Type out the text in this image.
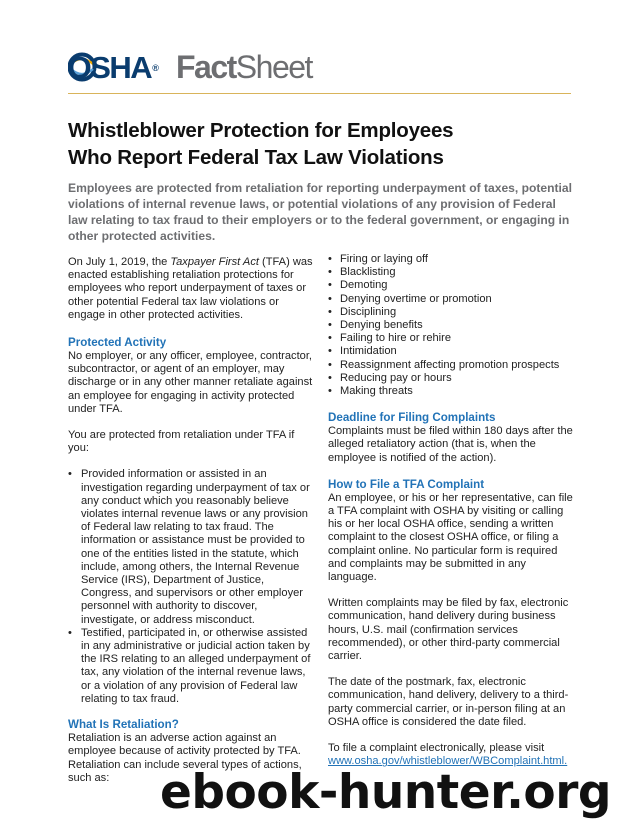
OSHA® FactSheet
Whistleblower Protection for Employees
Who Report Federal Tax Law Violations

Employees are protected from retaliation for reporting underpayment of taxes, potential violations of internal revenue laws, or potential violations of any provision of Federal law relating to tax fraud to their employers or to the federal government, or engaging in other protected activities.

On July 1, 2019, the Taxpayer First Act (TFA) was enacted establishing retaliation protections for employees who report underpayment of taxes or other potential Federal tax law violations or engage in other protected activities.

Protected Activity

No employer, or any officer, employee, contractor, subcontractor, or agent of an employer, may discharge or in any other manner retaliate against an employee for engaging in activity protected under TFA.

You are protected from retaliation under TFA if you:

• Provided information or assisted in an investigation regarding underpayment of tax or any conduct which you reasonably believe violates internal revenue laws or any provision of Federal law relating to tax fraud. The information or assistance must be provided to one of the entities listed in the statute, which include, among others, the Internal Revenue Service (IRS), Department of Justice, Congress, and supervisors or other employer personnel with authority to discover, investigate, or address misconduct.
• Testified, participated in, or otherwise assisted in any administrative or judicial action taken by the IRS relating to an alleged underpayment of tax, any violation of the internal revenue laws, or a violation of any provision of Federal law relating to tax fraud.
What Is Retaliation?

Retaliation is an adverse action against an employee because of activity protected by TFA. Retaliation can include several types of actions, such as:

• Firing or laying off
• Blacklisting
• Demoting
• Denying overtime or promotion
• Disciplining
• Denying benefits
• Failing to hire or rehire
• Intimidation
• Reassignment affecting promotion prospects
• Reducing pay or hours
• Making threats
Deadline for Filing Complaints

Complaints must be filed within 180 days after the alleged retaliatory action (that is, when the employee is notified of the action).

How to File a TFA Complaint

An employee, or his or her representative, can file a TFA complaint with OSHA by visiting or calling his or her local OSHA office, sending a written complaint to the closest OSHA office, or filing a complaint online. No particular form is required and complaints may be submitted in any language.

Written complaints may be filed by fax, electronic communication, hand delivery during business hours, U.S. mail (confirmation services recommended), or other third-party commercial carrier.

The date of the postmark, fax, electronic communication, hand delivery, delivery to a third-party commercial carrier, or in-person filing at an OSHA office is considered the date filed.

To file a complaint electronically, please visit

www.osha.gov/whistleblower/WBComplaint.html.
ebook-hunter.org
